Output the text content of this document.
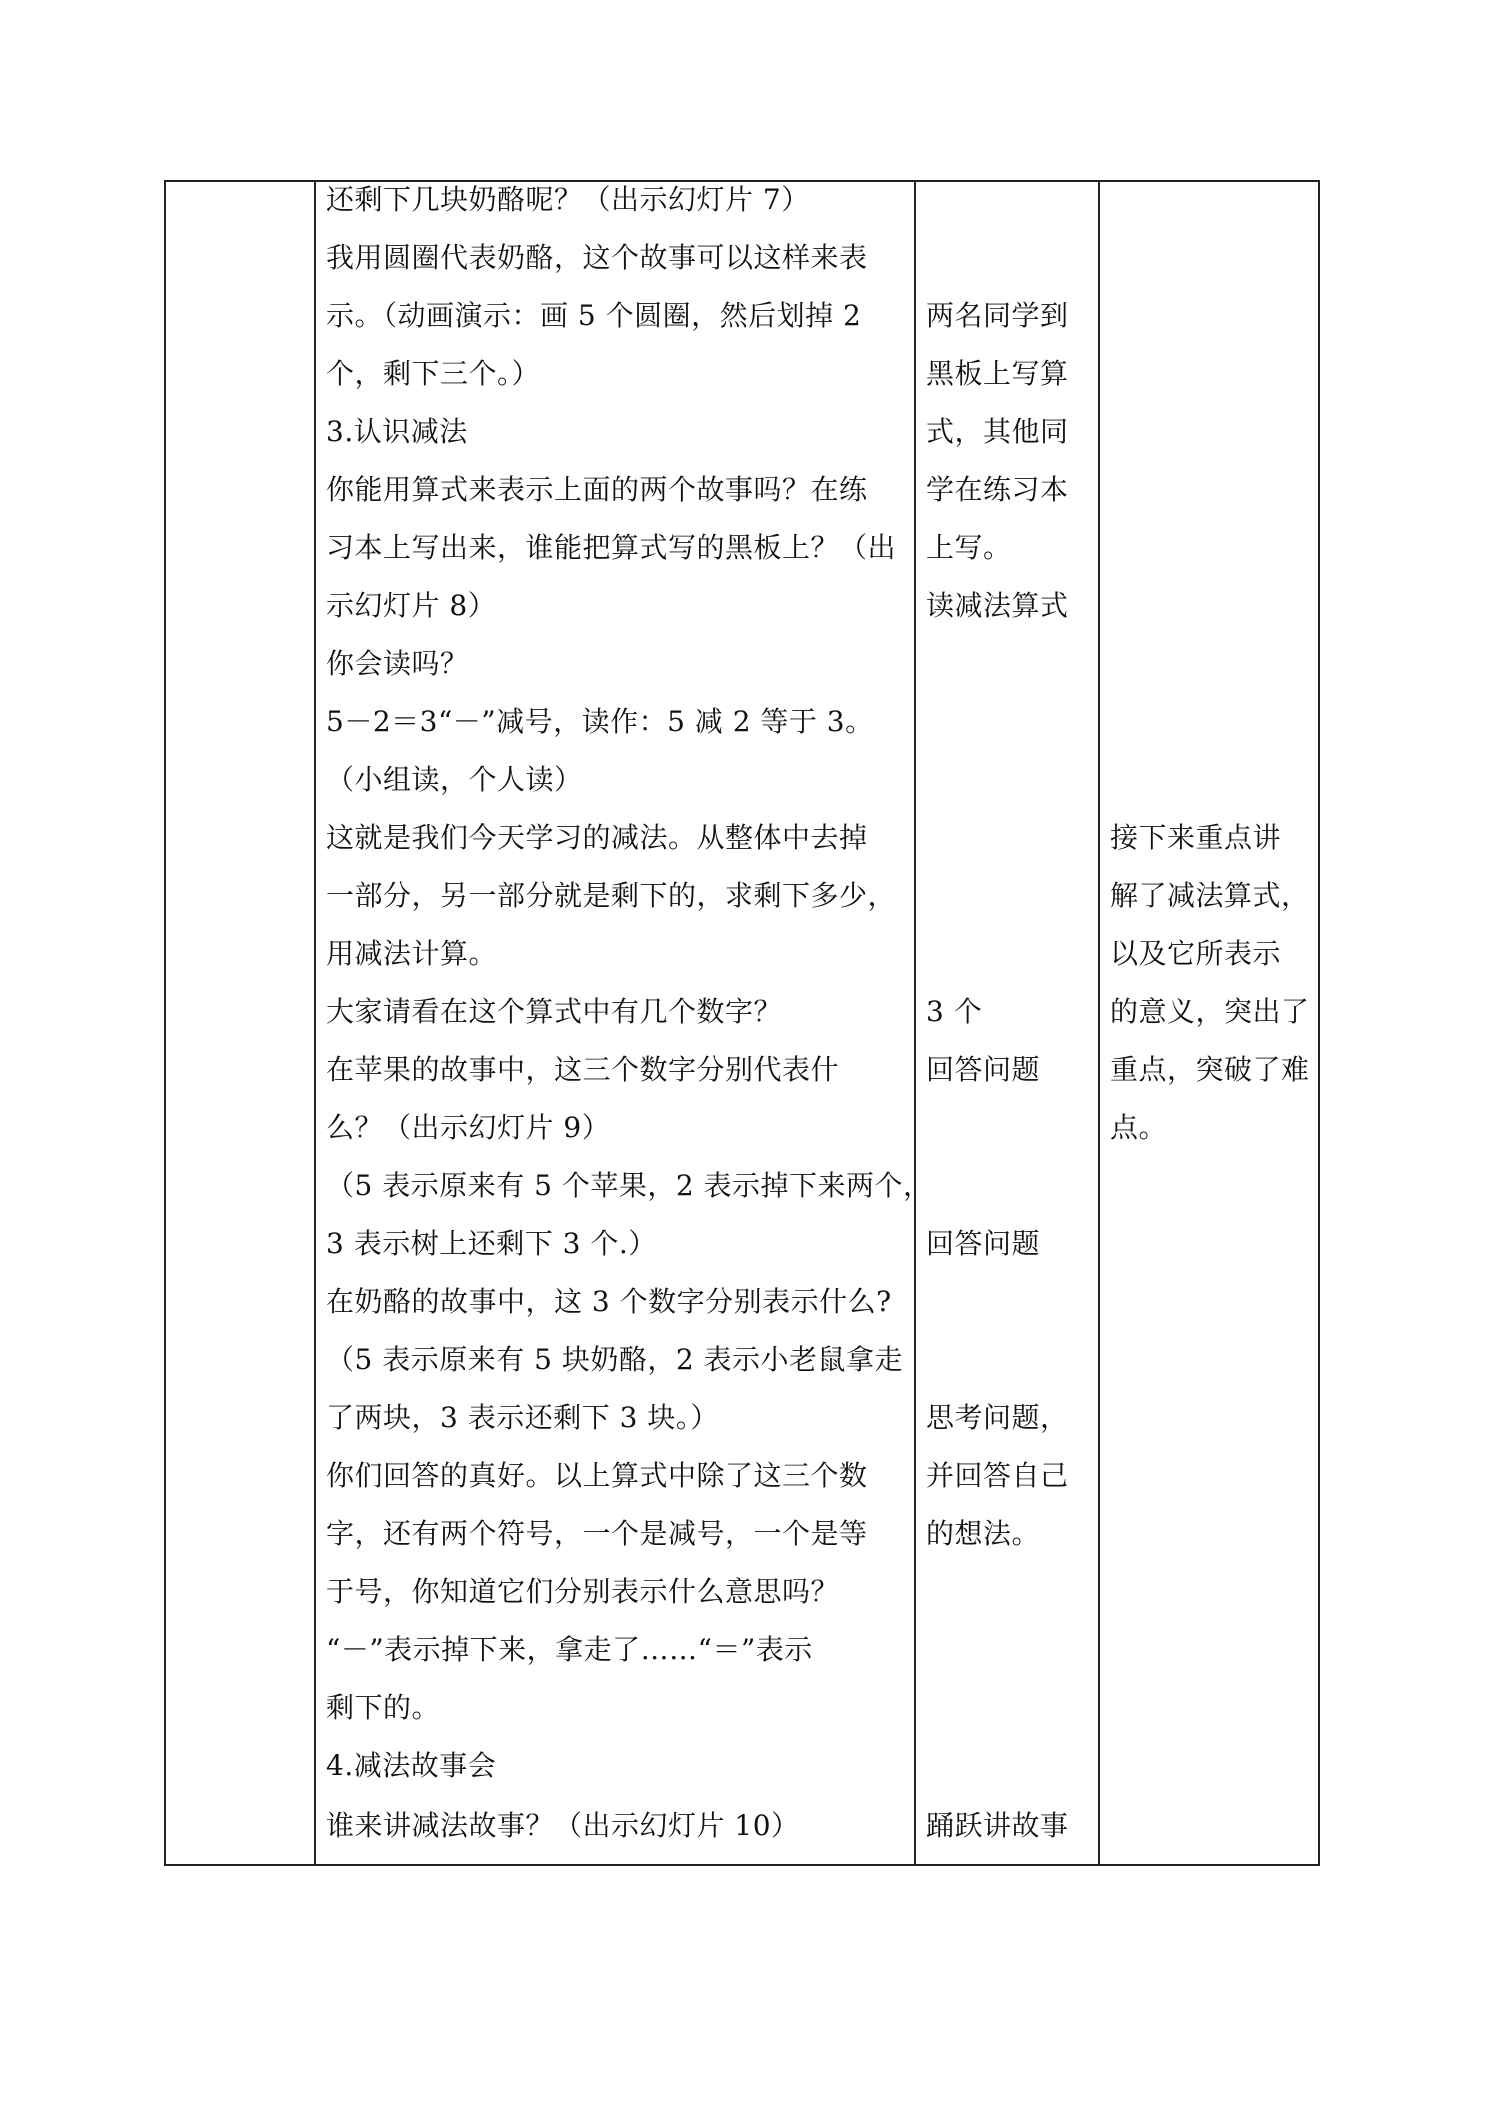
还剩下几块奶酪呢？（出示幻灯片 7）
我用圆圈代表奶酪，这个故事可以这样来表
示。（动画演示：画 5 个圆圈，然后划掉 2
个，剩下三个。）
3.认识减法
你能用算式来表示上面的两个故事吗？在练
习本上写出来，谁能把算式写的黑板上？（出
示幻灯片 8）
你会读吗？
5－2＝3“－”减号，读作：5 减 2 等于 3。
（小组读，个人读）
这就是我们今天学习的减法。从整体中去掉
一部分，另一部分就是剩下的，求剩下多少，
用减法计算。
大家请看在这个算式中有几个数字？
在苹果的故事中，这三个数字分别代表什
么？（出示幻灯片 9）
（5 表示原来有 5 个苹果，2 表示掉下来两个，
3 表示树上还剩下 3 个.）
在奶酪的故事中，这 3 个数字分别表示什么?
（5 表示原来有 5 块奶酪，2 表示小老鼠拿走
了两块，3 表示还剩下 3 块。）
你们回答的真好。以上算式中除了这三个数
字，还有两个符号，一个是减号，一个是等
于号，你知道它们分别表示什么意思吗？
“－”表示掉下来，拿走了……“＝”表示
剩下的。
4.减法故事会
谁来讲减法故事？（出示幻灯片 10）
两名同学到
黑板上写算
式，其他同
学在练习本
上写。
读减法算式
3 个
回答问题
回答问题
思考问题，
并回答自己
的想法。
踊跃讲故事
接下来重点讲
解了减法算式，
以及它所表示
的意义，突出了
重点，突破了难
点。
